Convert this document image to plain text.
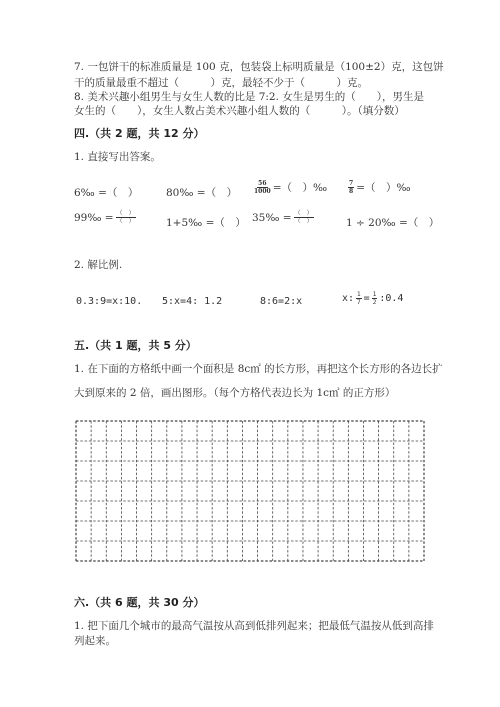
7. 一包饼干的标准质量是 100 克，包装袋上标明质量是（100±2）克，这包饼
干的质量最重不超过（　　　）克，最轻不少于（　　　）克。
8. 美术兴趣小组男生与女生人数的比是 7:2. 女生是男生的（　　），男生是
女生的（　　），女生人数占美术兴趣小组人数的（　　　）。（填分数）
四.（共 2 题，共 12 分）
1. 直接写出答案。
6‰ =（　）	80‰ =（　）	$\frac{56}{1000}$ =（　）‰	$\frac{7}{8}$ =（　）‰
99‰ = $\frac{( )}{( )}$	1+5‰ =（　） 35‰ = $\frac{( )}{( )}$	1 ÷ 20‰ =（　）
2. 解比例.
0.3:9=x:10. 5:x=4: 1.2	8:6=2:x	x: $\frac{1}{7} = \frac{1}{2}$ :0.4
五.（共 1 题，共 5 分）
1. 在下面的方格纸中画一个面积是 8c㎡ 的长方形，再把这个长方形的各边长扩
大到原来的 2 倍，画出图形。（每个方格代表边长为 1c㎡ 的正方形）
六.（共 6 题，共 30 分）
1. 把下面几个城市的最高气温按从高到低排列起来；把最低气温按从低到高排
列起来。
